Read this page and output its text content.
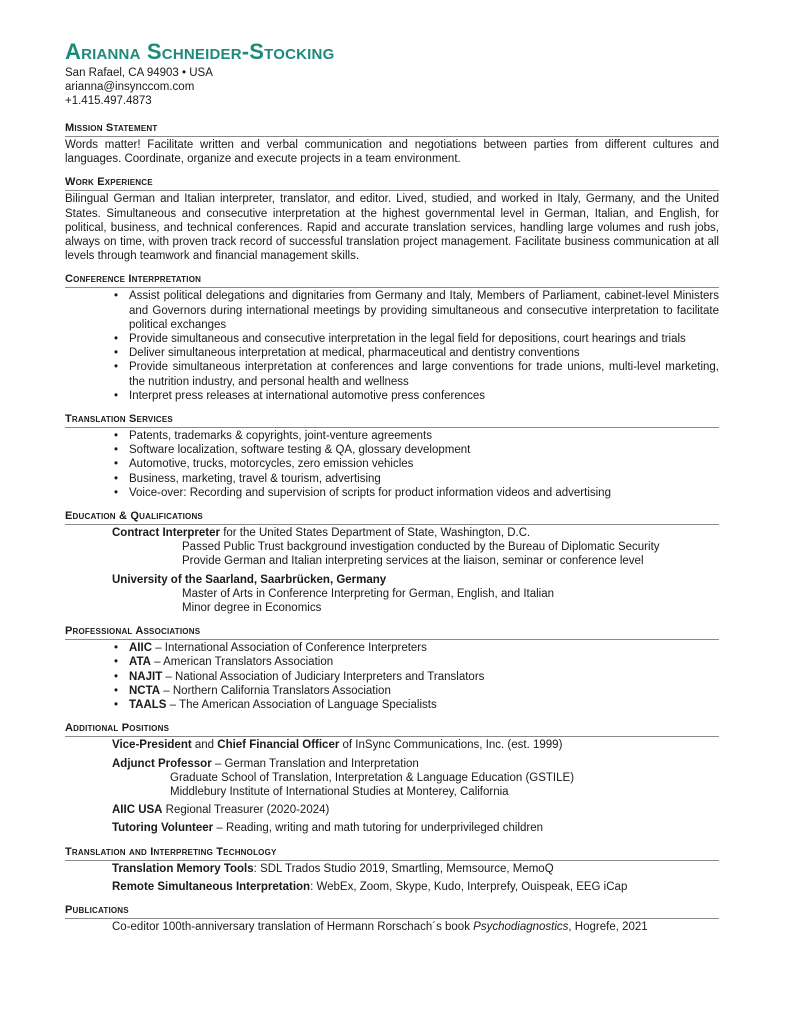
Arianna Schneider-Stocking
San Rafael, CA 94903 • USA
arianna@insynccom.com
+1.415.497.4873
Mission Statement
Words matter! Facilitate written and verbal communication and negotiations between parties from different cultures and languages. Coordinate, organize and execute projects in a team environment.
Work Experience
Bilingual German and Italian interpreter, translator, and editor. Lived, studied, and worked in Italy, Germany, and the United States. Simultaneous and consecutive interpretation at the highest governmental level in German, Italian, and English, for political, business, and technical conferences. Rapid and accurate translation services, handling large volumes and rush jobs, always on time, with proven track record of successful translation project management. Facilitate business communication at all levels through teamwork and financial management skills.
Conference Interpretation
• Assist political delegations and dignitaries from Germany and Italy, Members of Parliament, cabinet-level Ministers and Governors during international meetings by providing simultaneous and consecutive interpretation to facilitate political exchanges
• Provide simultaneous and consecutive interpretation in the legal field for depositions, court hearings and trials
• Deliver simultaneous interpretation at medical, pharmaceutical and dentistry conventions
• Provide simultaneous interpretation at conferences and large conventions for trade unions, multi-level marketing, the nutrition industry, and personal health and wellness
• Interpret press releases at international automotive press conferences
Translation Services
• Patents, trademarks & copyrights, joint-venture agreements
• Software localization, software testing & QA, glossary development
• Automotive, trucks, motorcycles, zero emission vehicles
• Business, marketing, travel & tourism, advertising
• Voice-over: Recording and supervision of scripts for product information videos and advertising
Education & Qualifications
Contract Interpreter for the United States Department of State, Washington, D.C.
Passed Public Trust background investigation conducted by the Bureau of Diplomatic Security
Provide German and Italian interpreting services at the liaison, seminar or conference level
University of the Saarland, Saarbrücken, Germany
Master of Arts in Conference Interpreting for German, English, and Italian
Minor degree in Economics
Professional Associations
• AIIC – International Association of Conference Interpreters
• ATA – American Translators Association
• NAJIT – National Association of Judiciary Interpreters and Translators
• NCTA – Northern California Translators Association
• TAALS – The American Association of Language Specialists
Additional Positions
Vice-President and Chief Financial Officer of InSync Communications, Inc. (est. 1999)
Adjunct Professor – German Translation and Interpretation
Graduate School of Translation, Interpretation & Language Education (GSTILE)
Middlebury Institute of International Studies at Monterey, California
AIIC USA Regional Treasurer (2020-2024)
Tutoring Volunteer – Reading, writing and math tutoring for underprivileged children
Translation and Interpreting Technology
Translation Memory Tools: SDL Trados Studio 2019, Smartling, Memsource, MemoQ
Remote Simultaneous Interpretation: WebEx, Zoom, Skype, Kudo, Interprefy, Ouispeak, EEG iCap
Publications
Co-editor 100th-anniversary translation of Hermann Rorschach´s book Psychodiagnostics, Hogrefe, 2021
